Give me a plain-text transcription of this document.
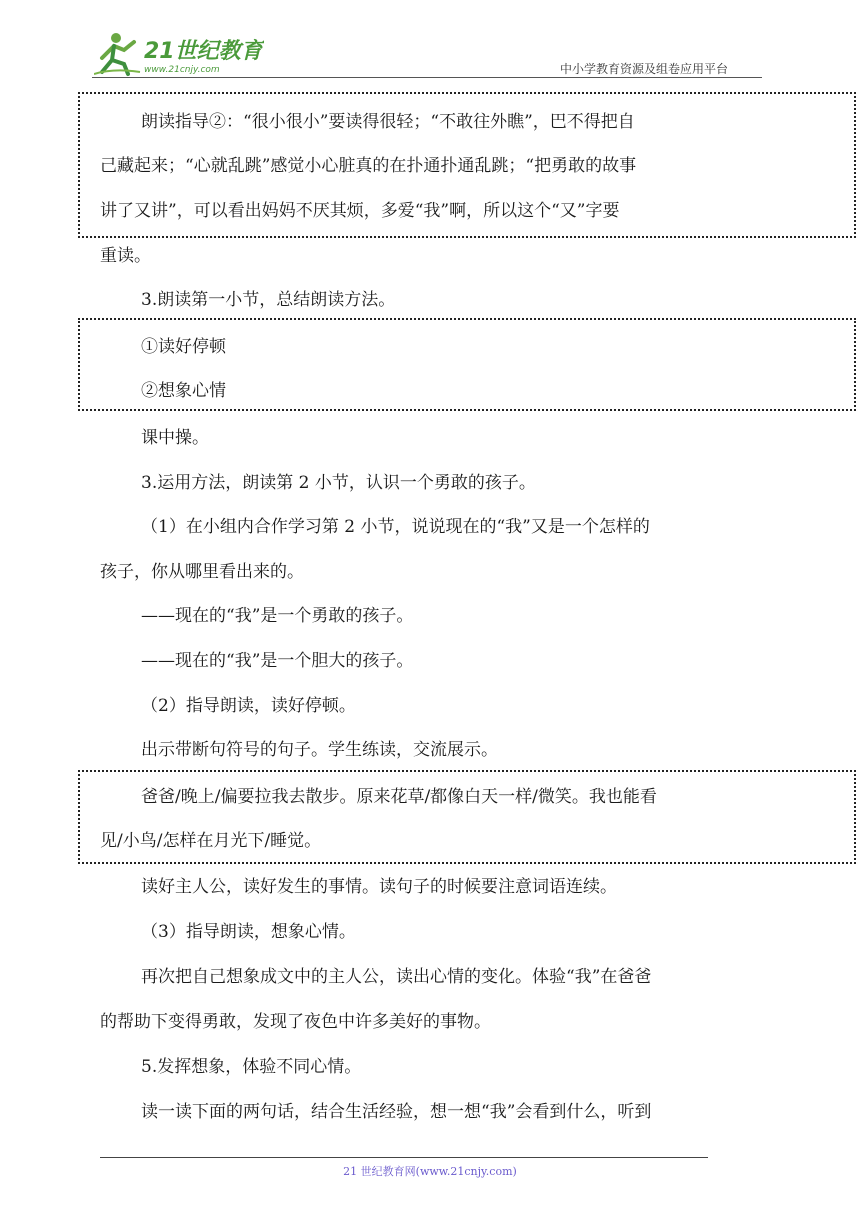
21世纪教育
www.21cnjy.com	中小学教育资源及组卷应用平台
朗读指导②：“很小很小”要读得很轻；“不敢往外瞧”，巴不得把自
己藏起来；“心就乱跳”感觉小心脏真的在扑通扑通乱跳；“把勇敢的故事
讲了又讲”，可以看出妈妈不厌其烦，多爱“我”啊，所以这个“又”字要
重读。
3.朗读第一小节，总结朗读方法。
①读好停顿
②想象心情
课中操。
3.运用方法，朗读第 2 小节，认识一个勇敢的孩子。
（1）在小组内合作学习第 2 小节，说说现在的“我”又是一个怎样的
孩子，你从哪里看出来的。
——现在的“我”是一个勇敢的孩子。
——现在的“我”是一个胆大的孩子。
（2）指导朗读，读好停顿。
出示带断句符号的句子。学生练读，交流展示。
爸爸/晚上/偏要拉我去散步。原来花草/都像白天一样/微笑。我也能看
见/小鸟/怎样在月光下/睡觉。
读好主人公，读好发生的事情。读句子的时候要注意词语连续。
（3）指导朗读，想象心情。
再次把自己想象成文中的主人公，读出心情的变化。体验“我”在爸爸
的帮助下变得勇敢，发现了夜色中许多美好的事物。
5.发挥想象，体验不同心情。
读一读下面的两句话，结合生活经验，想一想“我”会看到什么，听到
21 世纪教育网(www.21cnjy.com)
